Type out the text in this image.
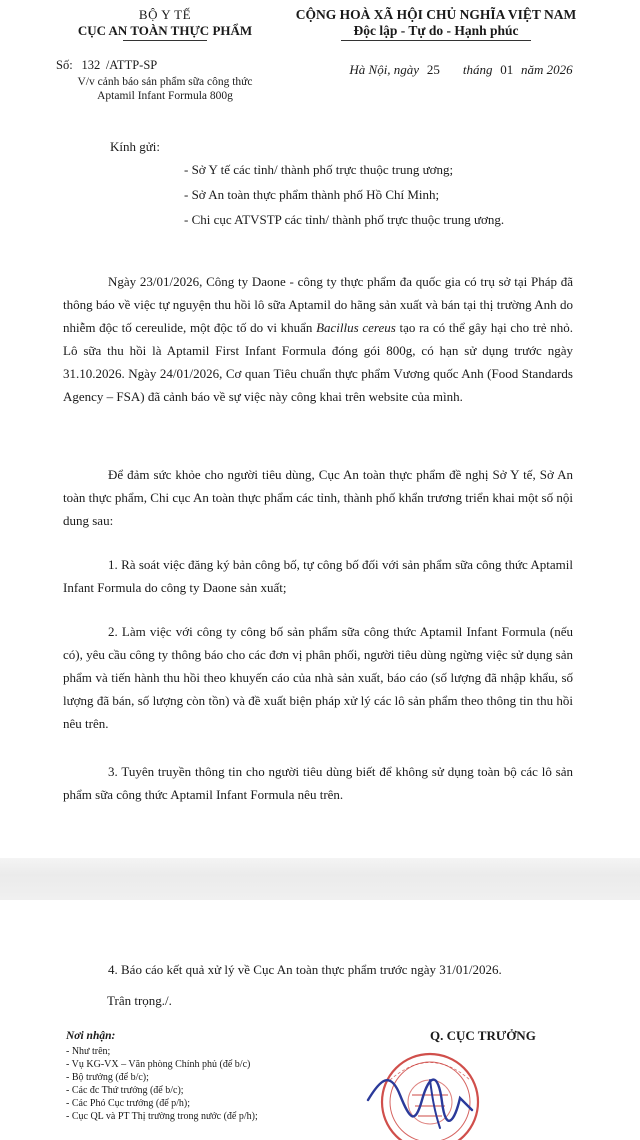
BỘ Y TẾ
CỤC AN TOÀN THỰC PHẨM
CỘNG HOÀ XÃ HỘI CHỦ NGHĨA VIỆT NAM
Độc lập - Tự do - Hạnh phúc
Số: 132 /ATTP-SP
V/v cảnh báo sản phẩm sữa công thức
Aptamil Infant Formula 800g
Hà Nội, ngày 25 tháng 01 năm 2026
Kính gửi:
- Sở Y tế các tỉnh/ thành phố trực thuộc trung ương;
- Sở An toàn thực phẩm thành phố Hồ Chí Minh;
- Chi cục ATVSTP các tỉnh/ thành phố trực thuộc trung ương.
Ngày 23/01/2026, Công ty Daone - công ty thực phẩm đa quốc gia có trụ sở tại Pháp đã thông báo về việc tự nguyện thu hồi lô sữa Aptamil do hãng sản xuất và bán tại thị trường Anh do nhiễm độc tố cereulide, một độc tố do vi khuẩn Bacillus cereus tạo ra có thể gây hại cho trẻ nhỏ. Lô sữa thu hồi là Aptamil First Infant Formula đóng gói 800g, có hạn sử dụng trước ngày 31.10.2026. Ngày 24/01/2026, Cơ quan Tiêu chuẩn thực phẩm Vương quốc Anh (Food Standards Agency – FSA) đã cảnh báo về sự việc này công khai trên website của mình.
Để đảm sức khỏe cho người tiêu dùng, Cục An toàn thực phẩm đề nghị Sở Y tế, Sở An toàn thực phẩm, Chi cục An toàn thực phẩm các tỉnh, thành phố khẩn trương triển khai một số nội dung sau:
1. Rà soát việc đăng ký bản công bố, tự công bố đối với sản phẩm sữa công thức Aptamil Infant Formula do công ty Daone sản xuất;
2. Làm việc với công ty công bố sản phẩm sữa công thức Aptamil Infant Formula (nếu có), yêu cầu công ty thông báo cho các đơn vị phân phối, người tiêu dùng ngừng việc sử dụng sản phẩm và tiến hành thu hồi theo khuyến cáo của nhà sản xuất, báo cáo (số lượng đã nhập khẩu, số lượng đã bán, số lượng còn tồn) và đề xuất biện pháp xử lý các lô sản phẩm theo thông tin thu hồi nêu trên.
3. Tuyên truyền thông tin cho người tiêu dùng biết để không sử dụng toàn bộ các lô sản phẩm sữa công thức Aptamil Infant Formula nêu trên.
4. Báo cáo kết quả xử lý về Cục An toàn thực phẩm trước ngày 31/01/2026.
Trân trọng./.
Q. CỤC TRƯỞNG
Nơi nhận:
- Như trên;
- Vụ KG-VX – Văn phòng Chính phủ (để b/c)
- Bộ trưởng (để b/c);
- Các đc Thứ trưởng (để b/c);
- Các Phó Cục trưởng (để p/h);
- Cục QL và PT Thị trường trong nước (để p/h);
